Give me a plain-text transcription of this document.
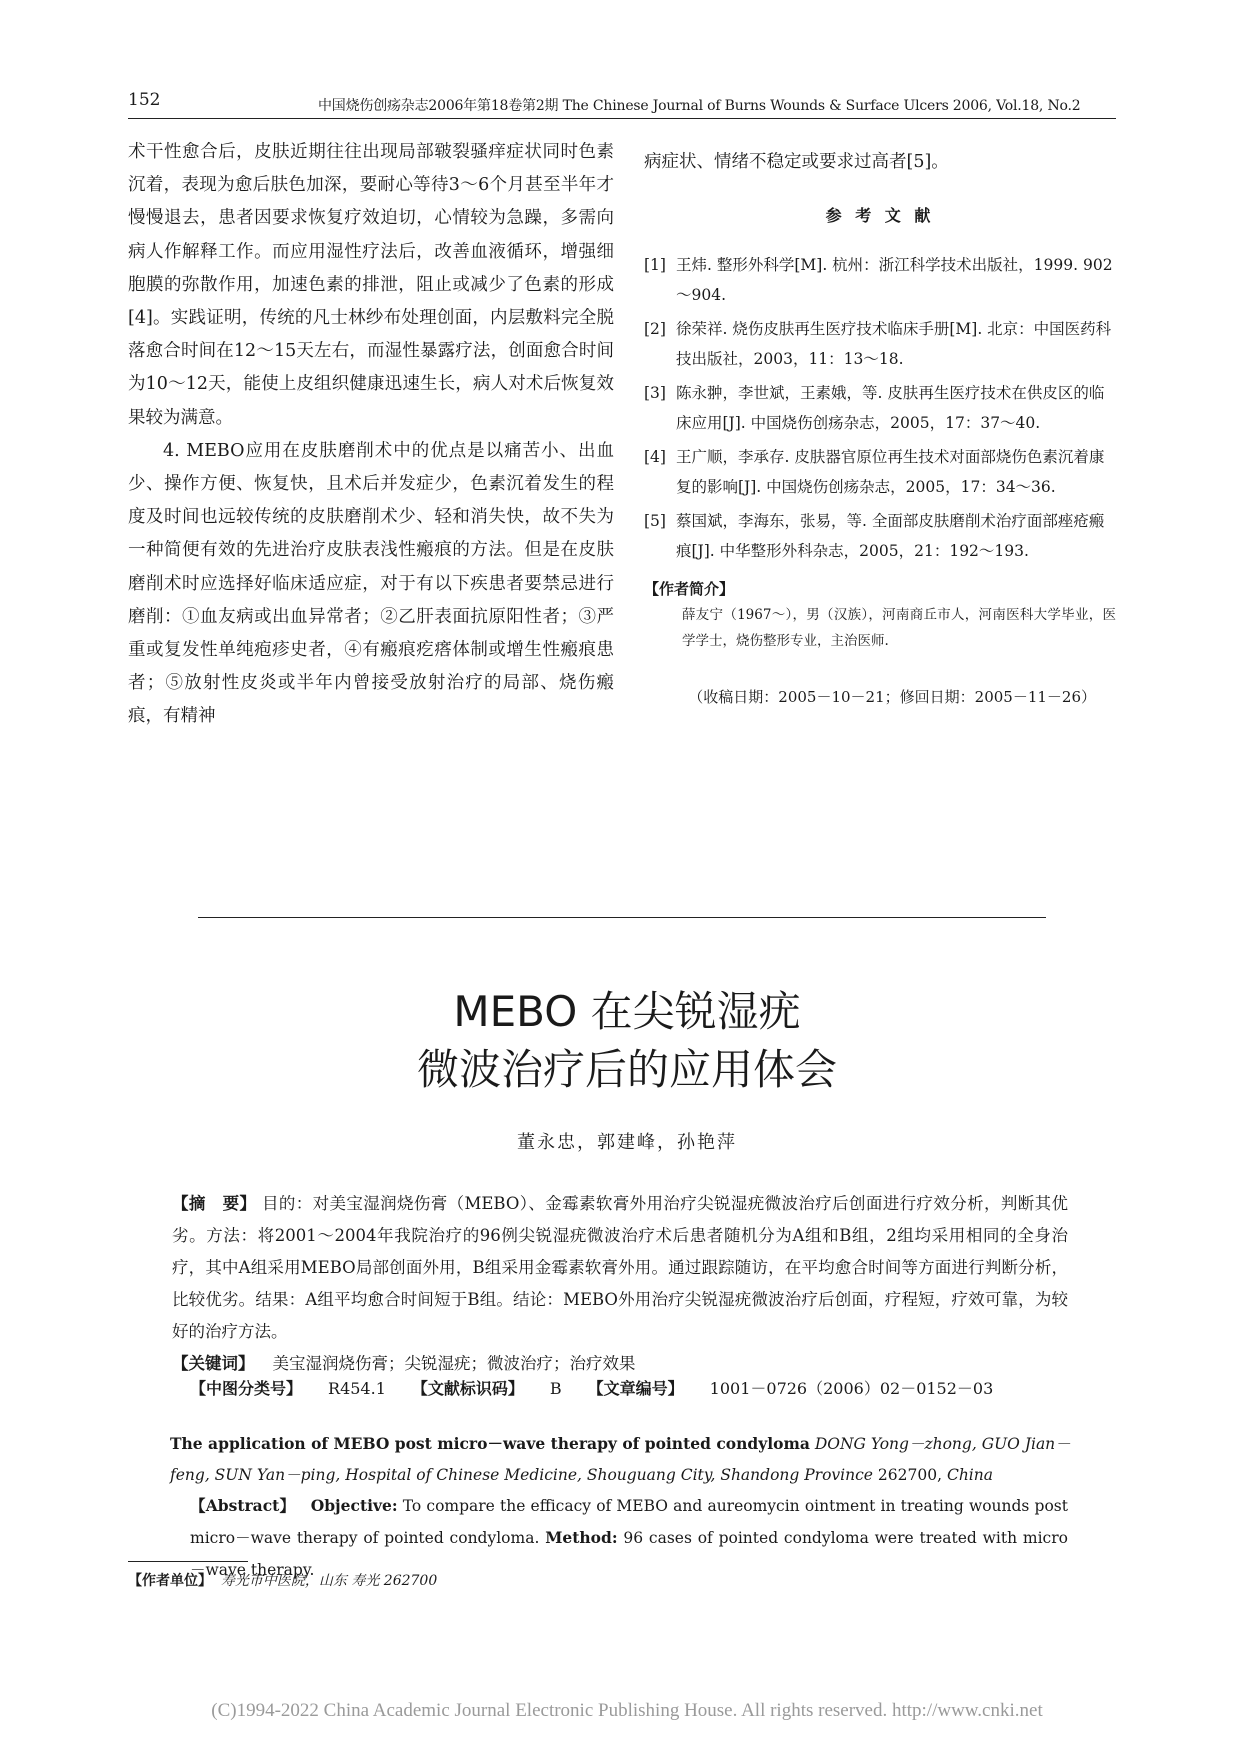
152	中国烧伤创疡杂志2006年第18卷第2期 The Chinese Journal of Burns Wounds & Surface Ulcers 2006, Vol.18, No.2

术干性愈合后，皮肤近期往往出现局部皲裂骚痒症状同时色素沉着，表现为愈后肤色加深，要耐心等待3～6个月甚至半年才慢慢退去，患者因要求恢复疗效迫切，心情较为急躁，多需向病人作解释工作。而应用湿性疗法后，改善血液循环，增强细胞膜的弥散作用，加速色素的排泄，阻止或减少了色素的形成[4]。实践证明，传统的凡士林纱布处理创面，内层敷料完全脱落愈合时间在12～15天左右，而湿性暴露疗法，创面愈合时间为10～12天，能使上皮组织健康迅速生长，病人对术后恢复效果较为满意。

4. MEBO应用在皮肤磨削术中的优点是以痛苦小、出血少、操作方便、恢复快，且术后并发症少，色素沉着发生的程度及时间也远较传统的皮肤磨削术少、轻和消失快，故不失为一种简便有效的先进治疗皮肤表浅性瘢痕的方法。但是在皮肤磨削术时应选择好临床适应症，对于有以下疾患者要禁忌进行磨削：①血友病或出血异常者；②乙肝表面抗原阳性者；③严重或复发性单纯疱疹史者，④有瘢痕疙瘩体制或增生性瘢痕患者；⑤放射性皮炎或半年内曾接受放射治疗的局部、烧伤瘢痕，有精神

病症状、情绪不稳定或要求过高者[5]。

参 考 文 献
[1] 王炜. 整形外科学[M]. 杭州：浙江科学技术出版社，1999. 902～904.
[2] 徐荣祥. 烧伤皮肤再生医疗技术临床手册[M]. 北京：中国医药科技出版社，2003，11：13～18.
[3] 陈永翀，李世斌，王素娥，等. 皮肤再生医疗技术在供皮区的临床应用[J]. 中国烧伤创疡杂志，2005，17：37～40.
[4] 王广顺，李承存. 皮肤器官原位再生技术对面部烧伤色素沉着康复的影响[J]. 中国烧伤创疡杂志，2005，17：34～36.
[5] 蔡国斌，李海东，张易，等. 全面部皮肤磨削术治疗面部痤疮瘢痕[J]. 中华整形外科杂志，2005，21：192～193.
【作者简介】
薛友宁（1967～），男（汉族），河南商丘市人，河南医科大学毕业，医学学士，烧伤整形专业，主治医师.
（收稿日期：2005－10－21；修回日期：2005－11－26）
MEBO 在尖锐湿疣
微波治疗后的应用体会
董永忠，郭建峰，孙艳萍

【摘　要】 目的：对美宝湿润烧伤膏（MEBO）、金霉素软膏外用治疗尖锐湿疣微波治疗后创面进行疗效分析，判断其优劣。方法：将2001～2004年我院治疗的96例尖锐湿疣微波治疗术后患者随机分为A组和B组，2组均采用相同的全身治疗，其中A组采用MEBO局部创面外用，B组采用金霉素软膏外用。通过跟踪随访，在平均愈合时间等方面进行判断分析，比较优劣。结果：A组平均愈合时间短于B组。结论：MEBO外用治疗尖锐湿疣微波治疗后创面，疗程短，疗效可靠，为较好的治疗方法。

【关键词】 美宝湿润烧伤膏；尖锐湿疣；微波治疗；治疗效果

【中图分类号】 R454.1 【文献标识码】 B 【文章编号】 1001－0726（2006）02－0152－03
The application of MEBO post micro－wave therapy of pointed condyloma DONG Yong－zhong, GUO Jian－feng, SUN Yan－ping, Hospital of Chinese Medicine, Shouguang City, Shandong Province 262700, China
【Abstract】 Objective: To compare the efficacy of MEBO and aureomycin ointment in treating wounds post micro－wave therapy of pointed condyloma. Method: 96 cases of pointed condyloma were treated with micro－wave therapy.
【作者单位】 寿光市中医院，山东 寿光 262700
(C)1994-2022 China Academic Journal Electronic Publishing House. All rights reserved. http://www.cnki.net
